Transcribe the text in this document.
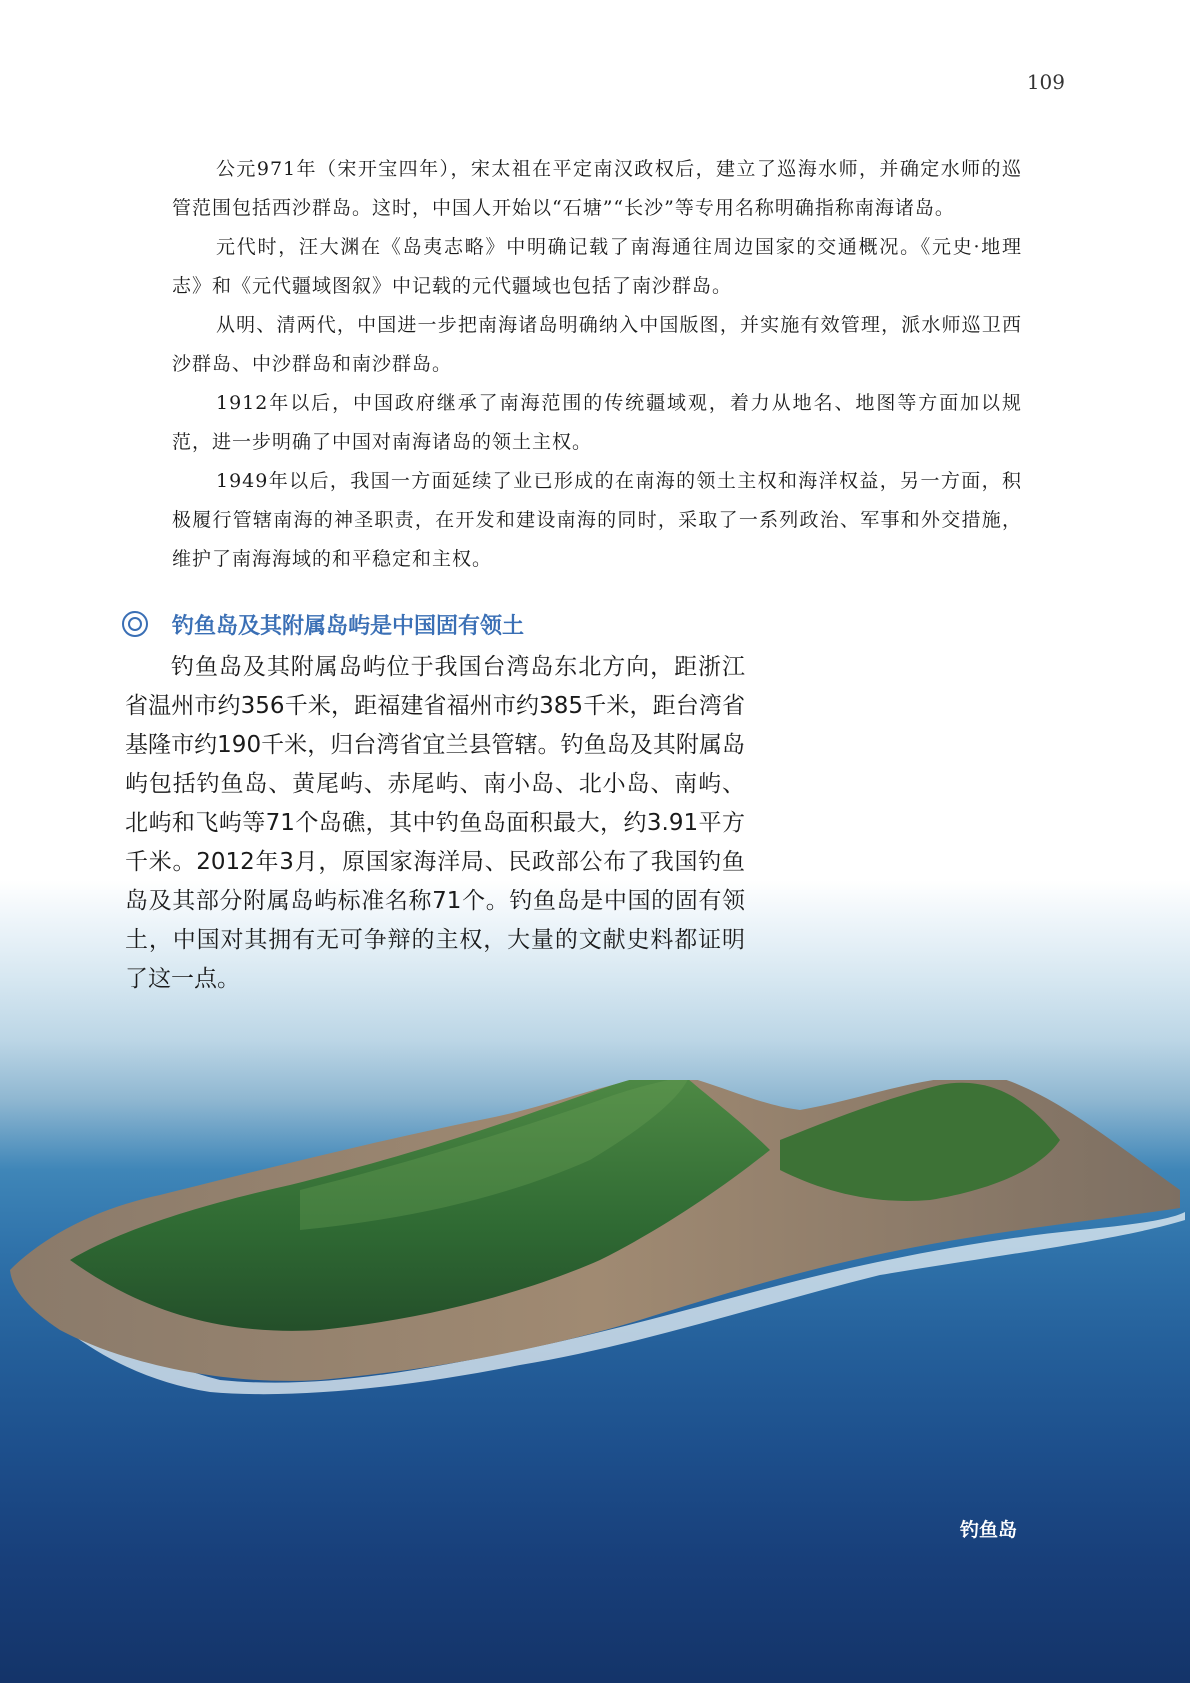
109

公元971年（宋开宝四年），宋太祖在平定南汉政权后，建立了巡海水师，并确定水师的巡管范围包括西沙群岛。这时，中国人开始以“石塘”“长沙”等专用名称明确指称南海诸岛。

元代时，汪大渊在《岛夷志略》中明确记载了南海通往周边国家的交通概况。《元史·地理志》和《元代疆域图叙》中记载的元代疆域也包括了南沙群岛。

从明、清两代，中国进一步把南海诸岛明确纳入中国版图，并实施有效管理，派水师巡卫西沙群岛、中沙群岛和南沙群岛。

1912年以后，中国政府继承了南海范围的传统疆域观，着力从地名、地图等方面加以规范，进一步明确了中国对南海诸岛的领土主权。

1949年以后，我国一方面延续了业已形成的在南海的领土主权和海洋权益，另一方面，积极履行管辖南海的神圣职责，在开发和建设南海的同时，采取了一系列政治、军事和外交措施，维护了南海海域的和平稳定和主权。

钓鱼岛及其附属岛屿是中国固有领土

钓鱼岛及其附属岛屿位于我国台湾岛东北方向，距浙江省温州市约356千米，距福建省福州市约385千米，距台湾省基隆市约190千米，归台湾省宜兰县管辖。钓鱼岛及其附属岛屿包括钓鱼岛、黄尾屿、赤尾屿、南小岛、北小岛、南屿、北屿和飞屿等71个岛礁，其中钓鱼岛面积最大，约3.91平方千米。2012年3月，原国家海洋局、民政部公布了我国钓鱼岛及其部分附属岛屿标准名称71个。钓鱼岛是中国的固有领土，中国对其拥有无可争辩的主权，大量的文献史料都证明了这一点。

钓鱼岛
